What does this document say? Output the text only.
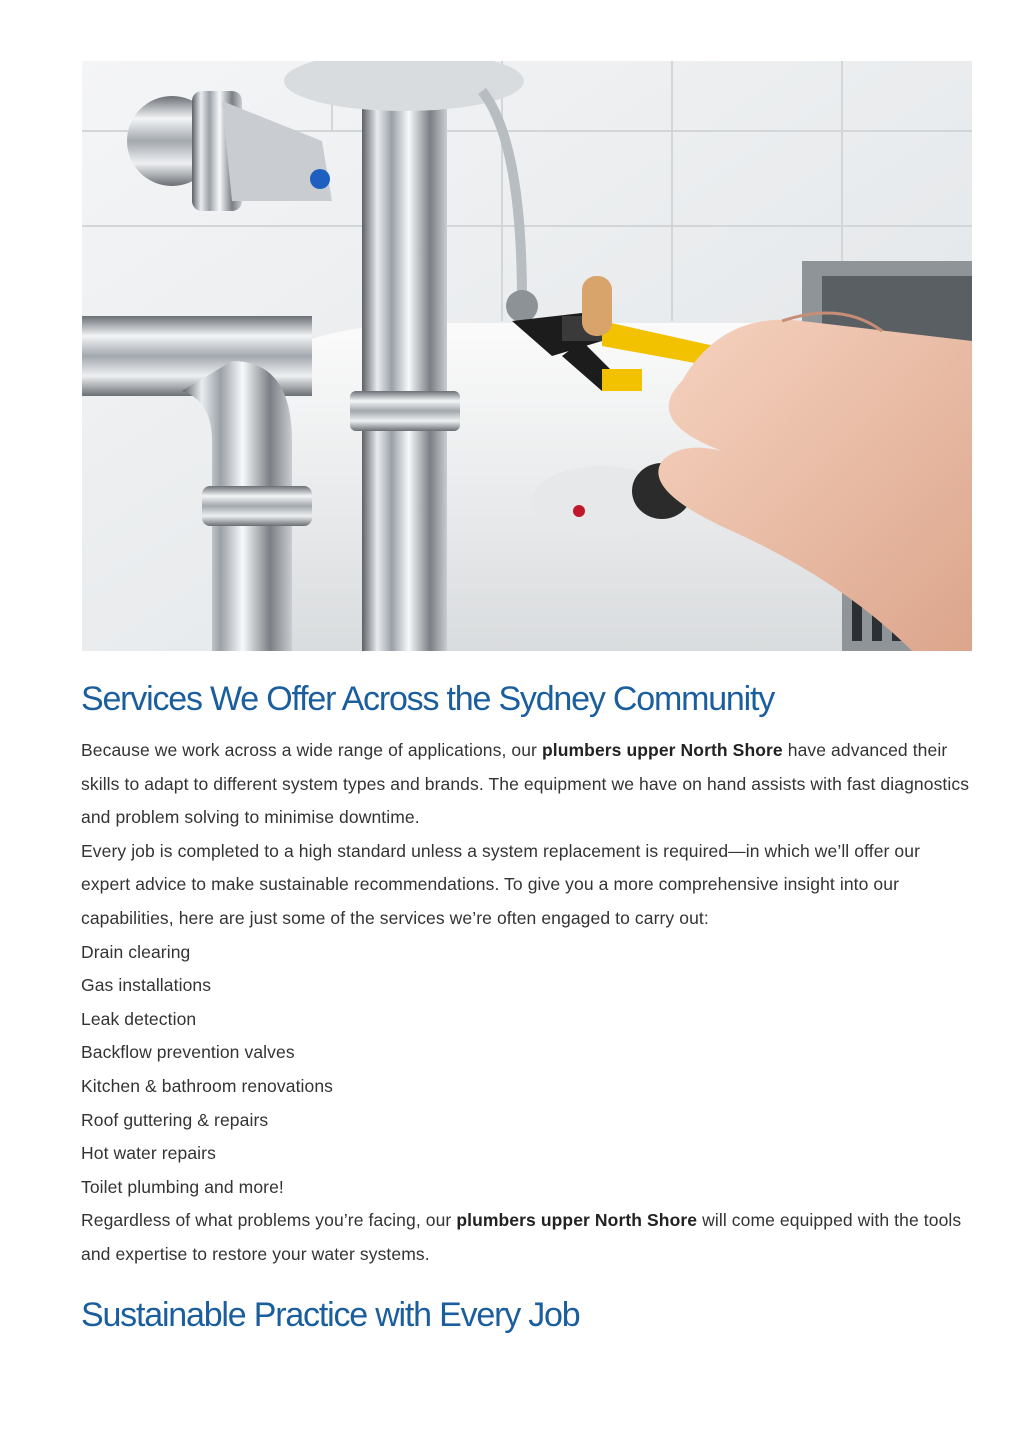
Services We Offer Across the Sydney Community

Because we work across a wide range of applications, our plumbers upper North Shore have advanced their skills to adapt to different system types and brands. The equipment we have on hand assists with fast diagnostics and problem solving to minimise downtime.

Every job is completed to a high standard unless a system replacement is required—in which we’ll offer our expert advice to make sustainable recommendations. To give you a more comprehensive insight into our capabilities, here are just some of the services we’re often engaged to carry out:

Drain clearing
Gas installations
Leak detection
Backflow prevention valves
Kitchen & bathroom renovations
Roof guttering & repairs
Hot water repairs
Toilet plumbing and more!

Regardless of what problems you’re facing, our plumbers upper North Shore will come equipped with the tools and expertise to restore your water systems.

Sustainable Practice with Every Job
